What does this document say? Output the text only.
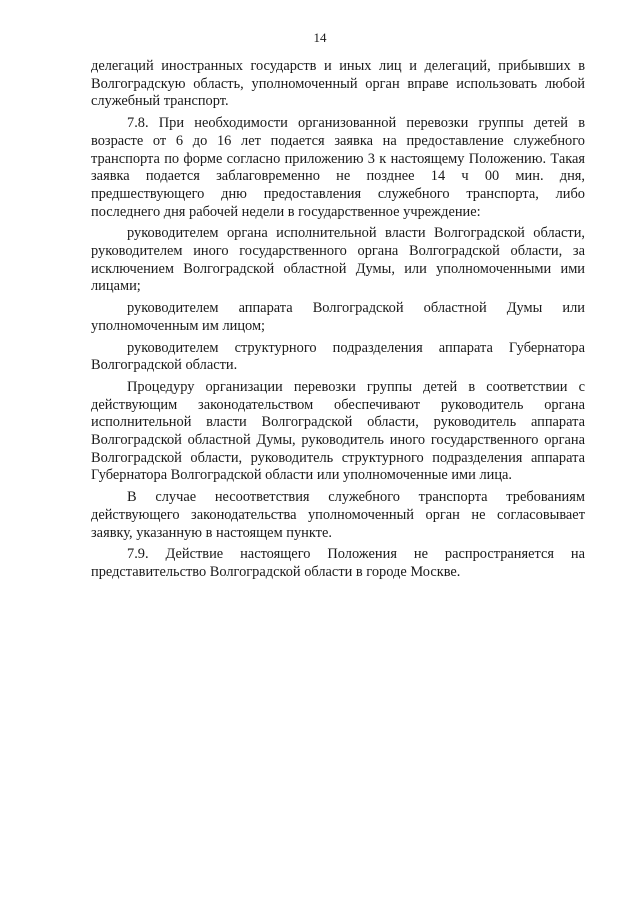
14

делегаций иностранных государств и иных лиц и делегаций, прибывших в Волгоградскую область, уполномоченный орган вправе использовать любой служебный транспорт.

7.8. При необходимости организованной перевозки группы детей в возрасте от 6 до 16 лет подается заявка на предоставление служебного транспорта по форме согласно приложению 3 к настоящему Положению. Такая заявка подается заблаговременно не позднее 14 ч 00 мин. дня, предшествующего дню предоставления служебного транспорта, либо последнего дня рабочей недели в государственное учреждение:

руководителем органа исполнительной власти Волгоградской области, руководителем иного государственного органа Волгоградской области, за исключением Волгоградской областной Думы, или уполномоченными ими лицами;

руководителем аппарата Волгоградской областной Думы или уполномоченным им лицом;

руководителем структурного подразделения аппарата Губернатора Волгоградской области.

Процедуру организации перевозки группы детей в соответствии с действующим законодательством обеспечивают руководитель органа исполнительной власти Волгоградской области, руководитель аппарата Волгоградской областной Думы, руководитель иного государственного органа Волгоградской области, руководитель структурного подразделения аппарата Губернатора Волгоградской области или уполномоченные ими лица.

В случае несоответствия служебного транспорта требованиям действующего законодательства уполномоченный орган не согласовывает заявку, указанную в настоящем пункте.

7.9. Действие настоящего Положения не распространяется на представительство Волгоградской области в городе Москве.
